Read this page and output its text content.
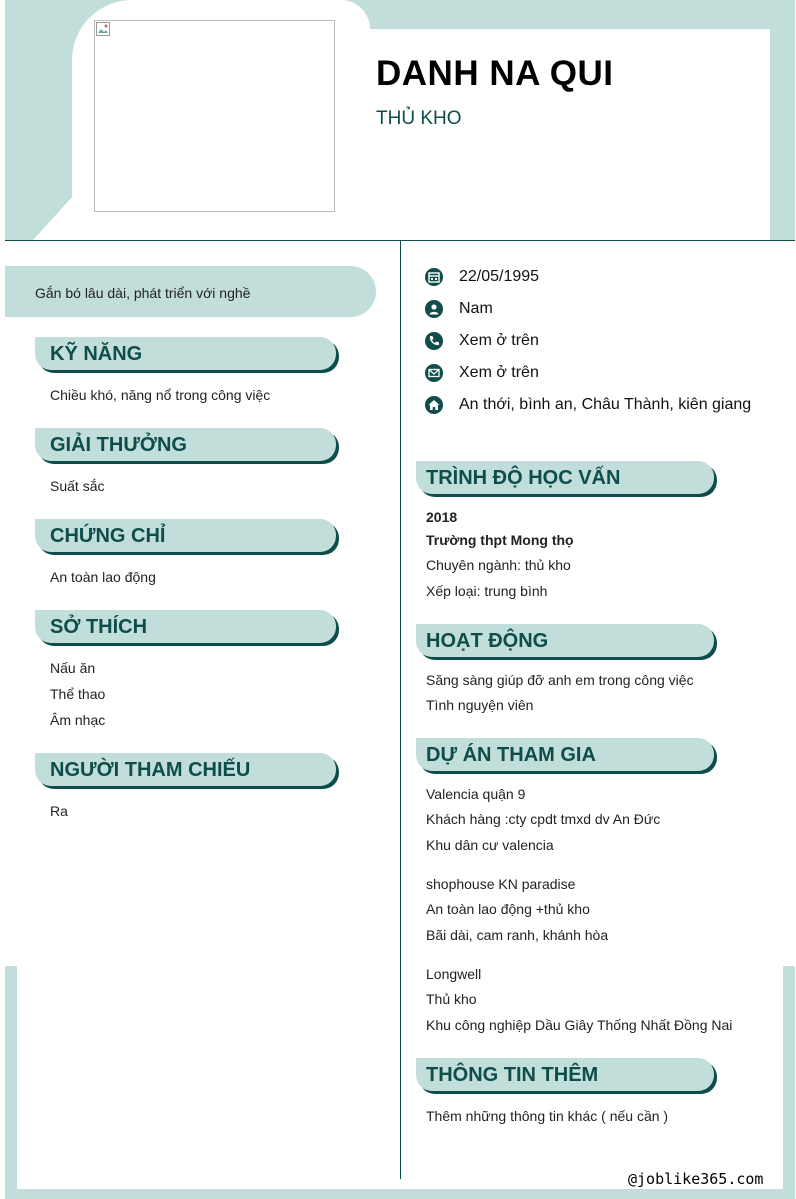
DANH NA QUI
THỦ KHO
Gắn bó lâu dài, phát triển với nghề
KỸ NĂNG
Chiều khó, năng nổ trong công việc
GIẢI THƯỞNG
Suất sắc
CHỨNG CHỈ
An toàn lao động
SỞ THÍCH
Nấu ăn
Thể thao
Âm nhạc
NGƯỜI THAM CHIẾU
Ra
22/05/1995
Nam
Xem ở trên
Xem ở trên
An thới, bình an, Châu Thành, kiên giang
TRÌNH ĐỘ HỌC VẤN
2018
Trường thpt Mong thọ
Chuyên ngành: thủ kho
Xếp loại: trung bình
HOẠT ĐỘNG
Săng sàng giúp đỡ anh em trong công việc
Tình nguyện viên
DỰ ÁN THAM GIA
Valencia quận 9
Khách hàng :cty cpdt tmxd dv An Đức
Khu dân cư valencia
shophouse KN paradise
An toàn lao động +thủ kho
Bãi dài, cam ranh, khánh hòa
Longwell
Thủ kho
Khu công nghiệp Dầu Giây Thống Nhất Đồng Nai
THÔNG TIN THÊM
Thêm những thông tin khác ( nếu cần )
@joblike365.com
